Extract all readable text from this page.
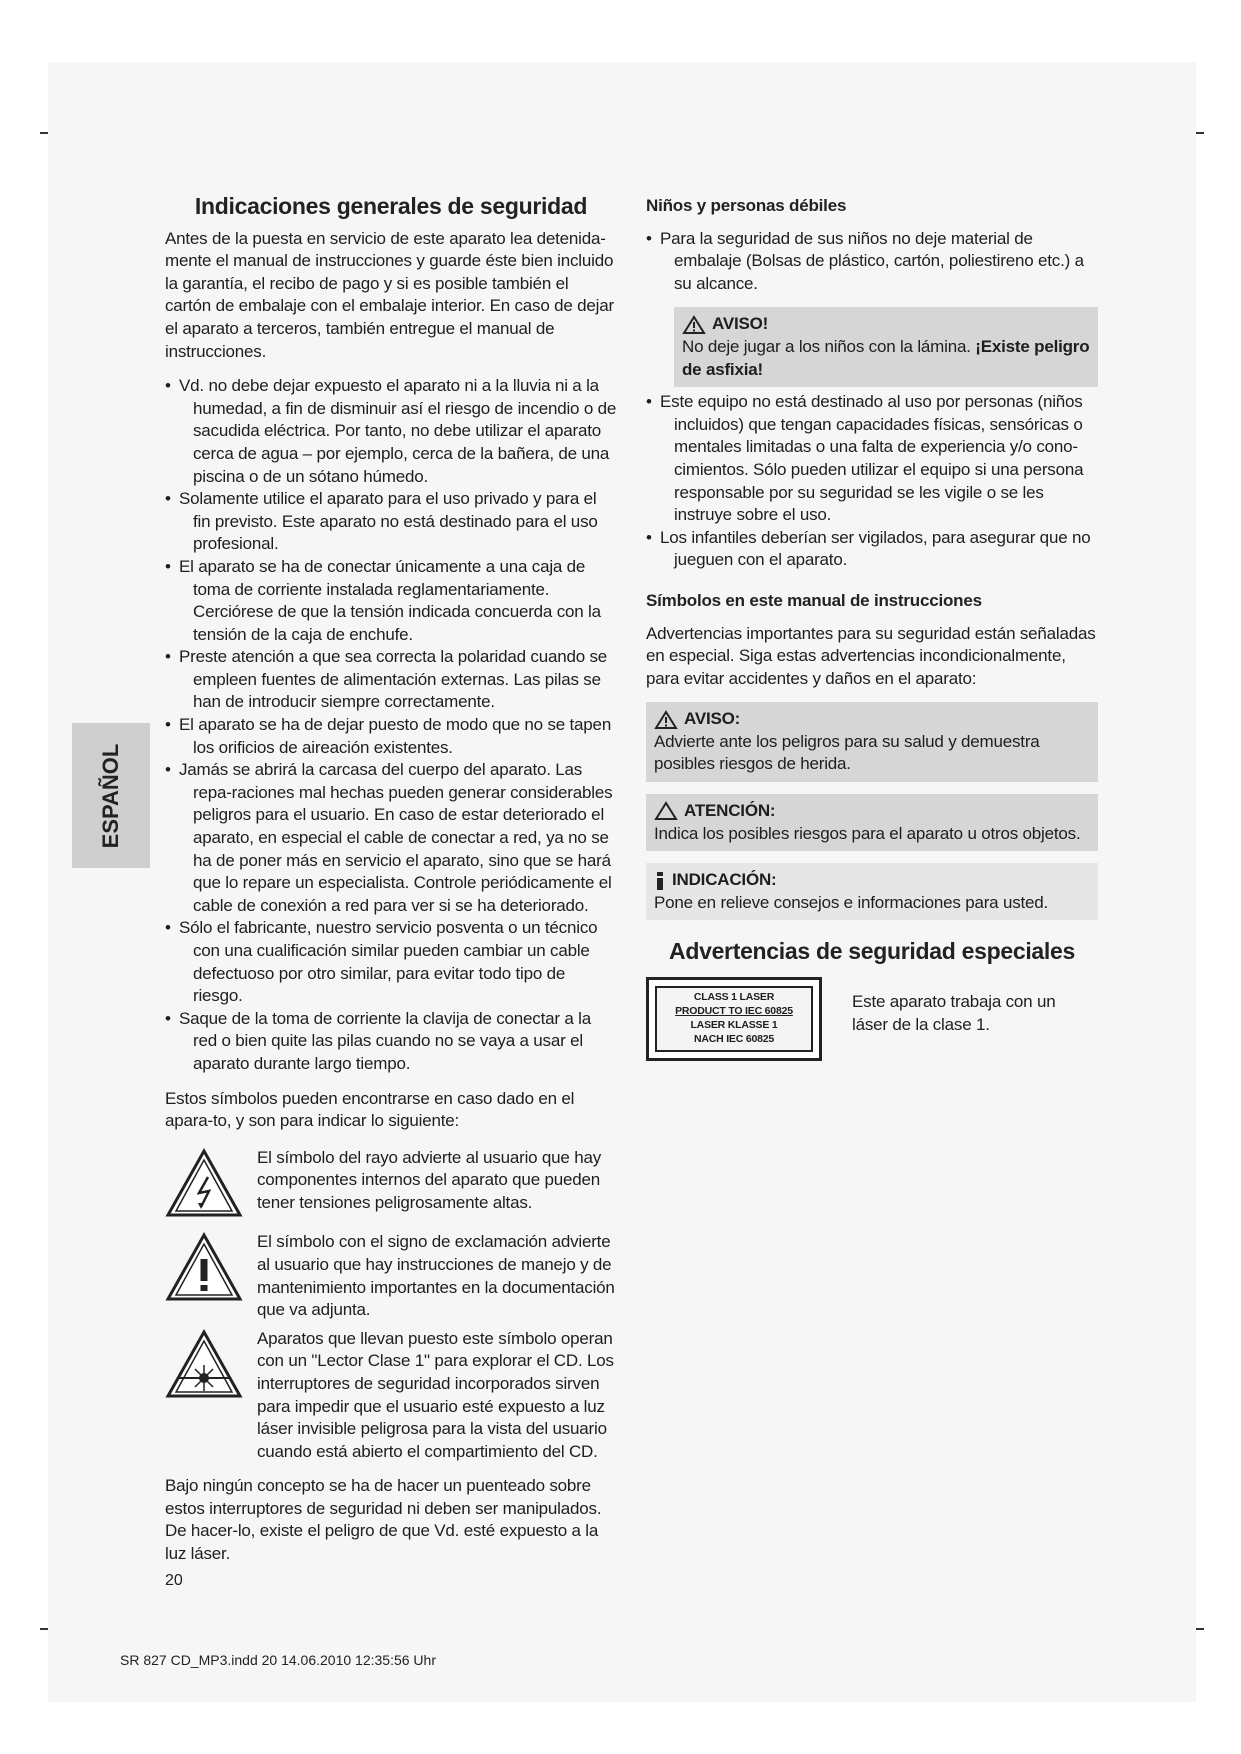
ESPAÑOL
Indicaciones generales de seguridad

Antes de la puesta en servicio de este aparato lea detenida-mente el manual de instrucciones y guarde éste bien incluido la garantía, el recibo de pago y si es posible también el cartón de embalaje con el embalaje interior. En caso de dejar el aparato a terceros, también entregue el manual de instrucciones.

• Vd. no debe dejar expuesto el aparato ni a la lluvia ni a la humedad, a fin de disminuir así el riesgo de incendio o de sacudida eléctrica. Por tanto, no debe utilizar el aparato cerca de agua – por ejemplo, cerca de la bañera, de una piscina o de un sótano húmedo.
• Solamente utilice el aparato para el uso privado y para el fin previsto. Este aparato no está destinado para el uso profesional.
• El aparato se ha de conectar únicamente a una caja de toma de corriente instalada reglamentariamente. Cerciórese de que la tensión indicada concuerda con la tensión de la caja de enchufe.
• Preste atención a que sea correcta la polaridad cuando se empleen fuentes de alimentación externas. Las pilas se han de introducir siempre correctamente.
• El aparato se ha de dejar puesto de modo que no se tapen los orificios de aireación existentes.
• Jamás se abrirá la carcasa del cuerpo del aparato. Las repa-raciones mal hechas pueden generar considerables peligros para el usuario. En caso de estar deteriorado el aparato, en especial el cable de conectar a red, ya no se ha de poner más en servicio el aparato, sino que se hará que lo repare un especialista. Controle periódicamente el cable de conexión a red para ver si se ha deteriorado.
• Sólo el fabricante, nuestro servicio posventa o un técnico con una cualificación similar pueden cambiar un cable defectuoso por otro similar, para evitar todo tipo de riesgo.
• Saque de la toma de corriente la clavija de conectar a la red o bien quite las pilas cuando no se vaya a usar el aparato durante largo tiempo.

Estos símbolos pueden encontrarse en caso dado en el apara-to, y son para indicar lo siguiente:

El símbolo del rayo advierte al usuario que hay componentes internos del aparato que pueden tener tensiones peligrosamente altas.

El símbolo con el signo de exclamación advierte al usuario que hay instrucciones de manejo y de mantenimiento importantes en la documentación que va adjunta.

Aparatos que llevan puesto este símbolo operan con un "Lector Clase 1" para explorar el CD. Los interruptores de seguridad incorporados sirven para impedir que el usuario esté expuesto a luz láser invisible peligrosa para la vista del usuario cuando está abierto el compartimiento del CD.

Bajo ningún concepto se ha de hacer un puenteado sobre estos interruptores de seguridad ni deben ser manipulados. De hacer-lo, existe el peligro de que Vd. esté expuesto a la luz láser.

Niños y personas débiles
• Para la seguridad de sus niños no deje material de embalaje (Bolsas de plástico, cartón, poliestireno etc.) a su alcance.
AVISO!

No deje jugar a los niños con la lámina. ¡Existe peligro de asfixia!

• Este equipo no está destinado al uso por personas (niños incluidos) que tengan capacidades físicas, sensóricas o mentales limitadas o una falta de experiencia y/o cono-cimientos. Sólo pueden utilizar el equipo si una persona responsable por su seguridad se les vigile o se les instruye sobre el uso.
• Los infantiles deberían ser vigilados, para asegurar que no jueguen con el aparato.
Símbolos en este manual de instrucciones

Advertencias importantes para su seguridad están señaladas en especial. Siga estas advertencias incondicionalmente, para evitar accidentes y daños en el aparato:

AVISO:

Advierte ante los peligros para su salud y demuestra posibles riesgos de herida.

ATENCIÓN:

Indica los posibles riesgos para el aparato u otros objetos.

INDICACIÓN:

Pone en relieve consejos e informaciones para usted.

Advertencias de seguridad especiales
CLASS 1 LASER
PRODUCT TO IEC 60825
LASER KLASSE 1
NACH IEC 60825

Este aparato trabaja con un láser de la clase 1.

20
SR 827 CD_MP3.indd 20 14.06.2010 12:35:56 Uhr
